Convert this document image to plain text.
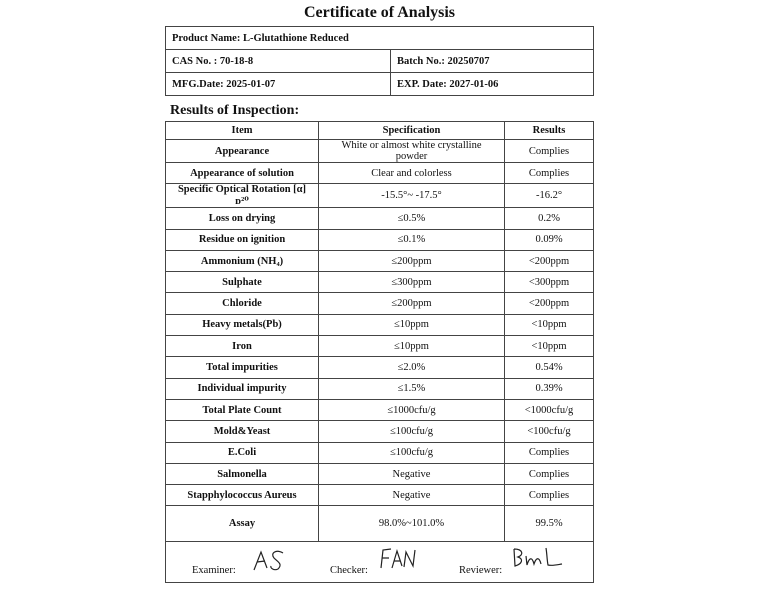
Certificate of Analysis
Product Name: L-Glutathione Reduced	
CAS No. : 70-18-8	Batch No.: 20250707
MFG.Date: 2025-01-07	EXP. Date: 2027-01-06
Results of Inspection:
Item	Specification	Results
Appearance	White or almost white crystalline powder	Complies
Appearance of solution	Clear and colorless	Complies
Specific Optical Rotation [α] ᴅ²⁰	-15.5°~ -17.5°	-16.2°
Loss on drying	≤0.5%	0.2%
Residue on ignition	≤0.1%	0.09%
Ammonium (NH₄)	≤200ppm	<200ppm
Sulphate	≤300ppm	<300ppm
Chloride	≤200ppm	<200ppm
Heavy metals(Pb)	≤10ppm	<10ppm
Iron	≤10ppm	<10ppm
Total impurities	≤2.0%	0.54%
Individual impurity	≤1.5%	0.39%
Total Plate Count	≤1000cfu/g	<1000cfu/g
Mold&Yeast	≤100cfu/g	<100cfu/g
E.Coli	≤100cfu/g	Complies
Salmonella	Negative	Complies
Stapphylococcus Aureus	Negative	Complies
Assay	98.0%~101.0%	99.5%

Examiner: Checker: Reviewer:		
